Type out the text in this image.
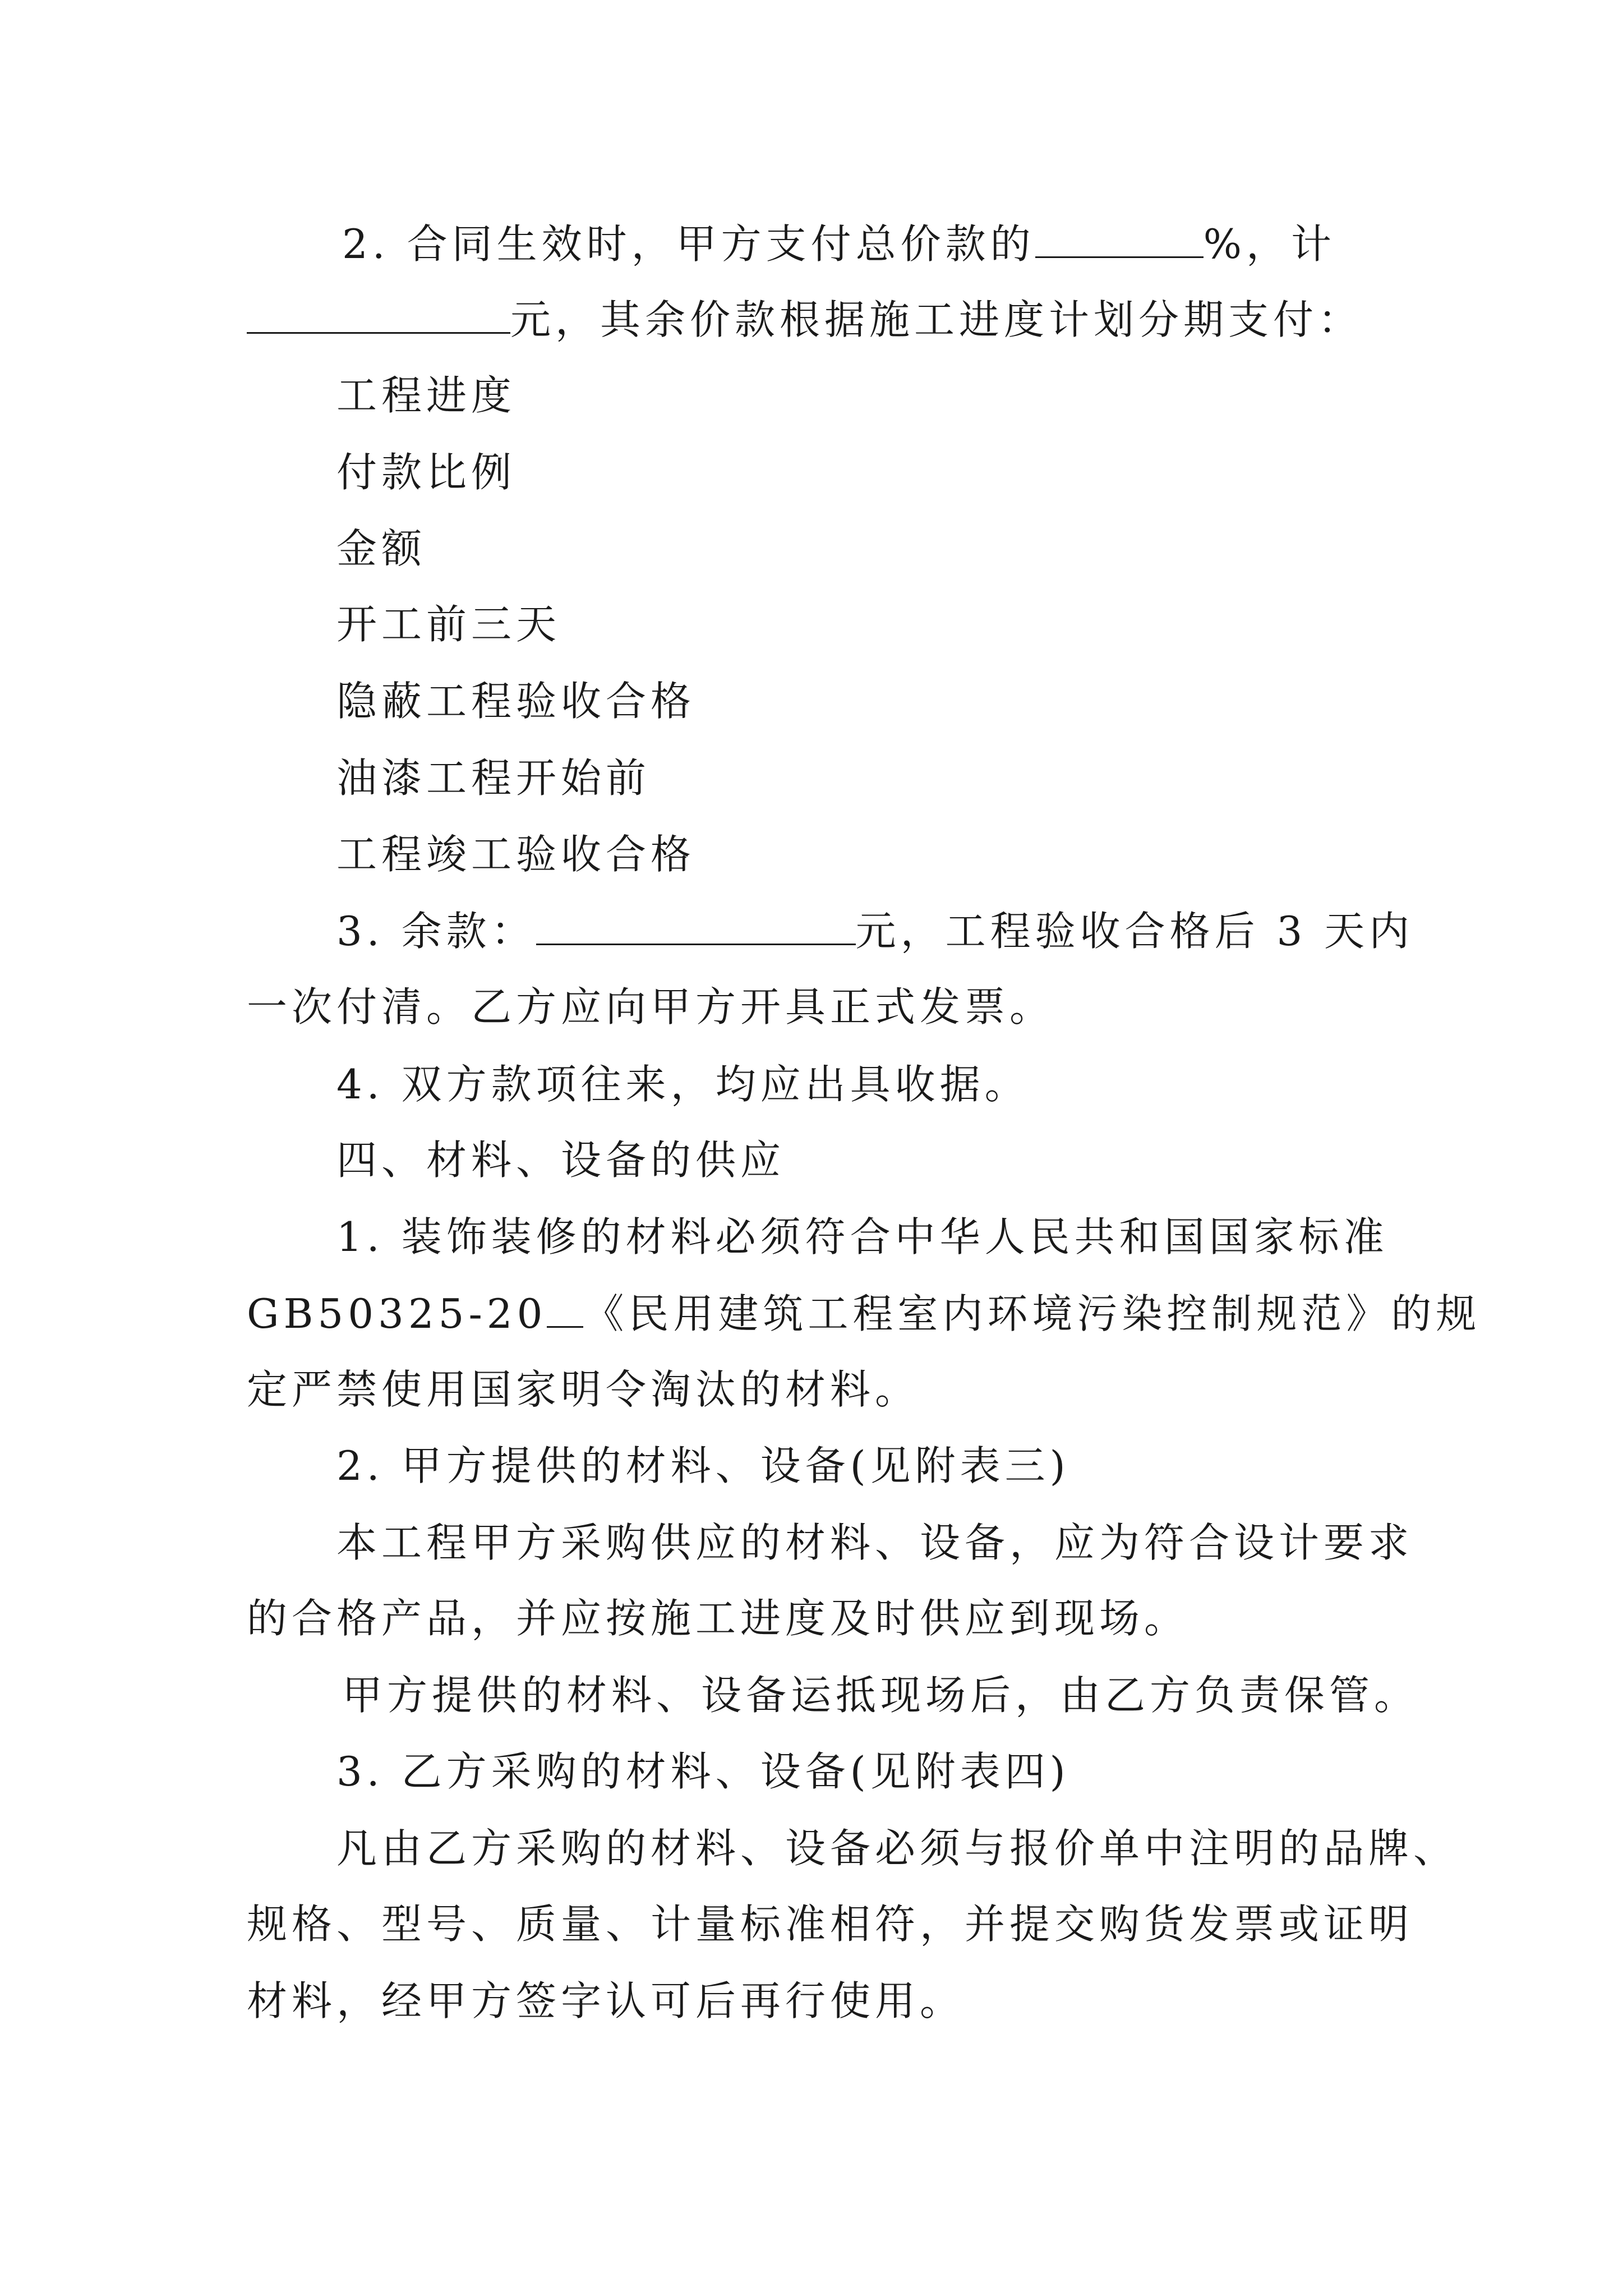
2. 合同生效时，甲方支付总价款的	%，计
元，其余价款根据施工进度计划分期支付：
工程进度
付款比例
金额
开工前三天
隐蔽工程验收合格
油漆工程开始前
工程竣工验收合格
3. 余款：	元，工程验收合格后 3 天内
一次付清。乙方应向甲方开具正式发票。
4. 双方款项往来，均应出具收据。
四、材料、设备的供应
1. 装饰装修的材料必须符合中华人民共和国国家标准
GB50325-20 《民用建筑工程室内环境污染控制规范》的规
定严禁使用国家明令淘汰的材料。
2. 甲方提供的材料、设备(见附表三)
本工程甲方采购供应的材料、设备，应为符合设计要求
的合格产品，并应按施工进度及时供应到现场。
甲方提供的材料、设备运抵现场后，由乙方负责保管。
3. 乙方采购的材料、设备(见附表四)
凡由乙方采购的材料、设备必须与报价单中注明的品牌、
规格、型号、质量、计量标准相符，并提交购货发票或证明
材料，经甲方签字认可后再行使用。
